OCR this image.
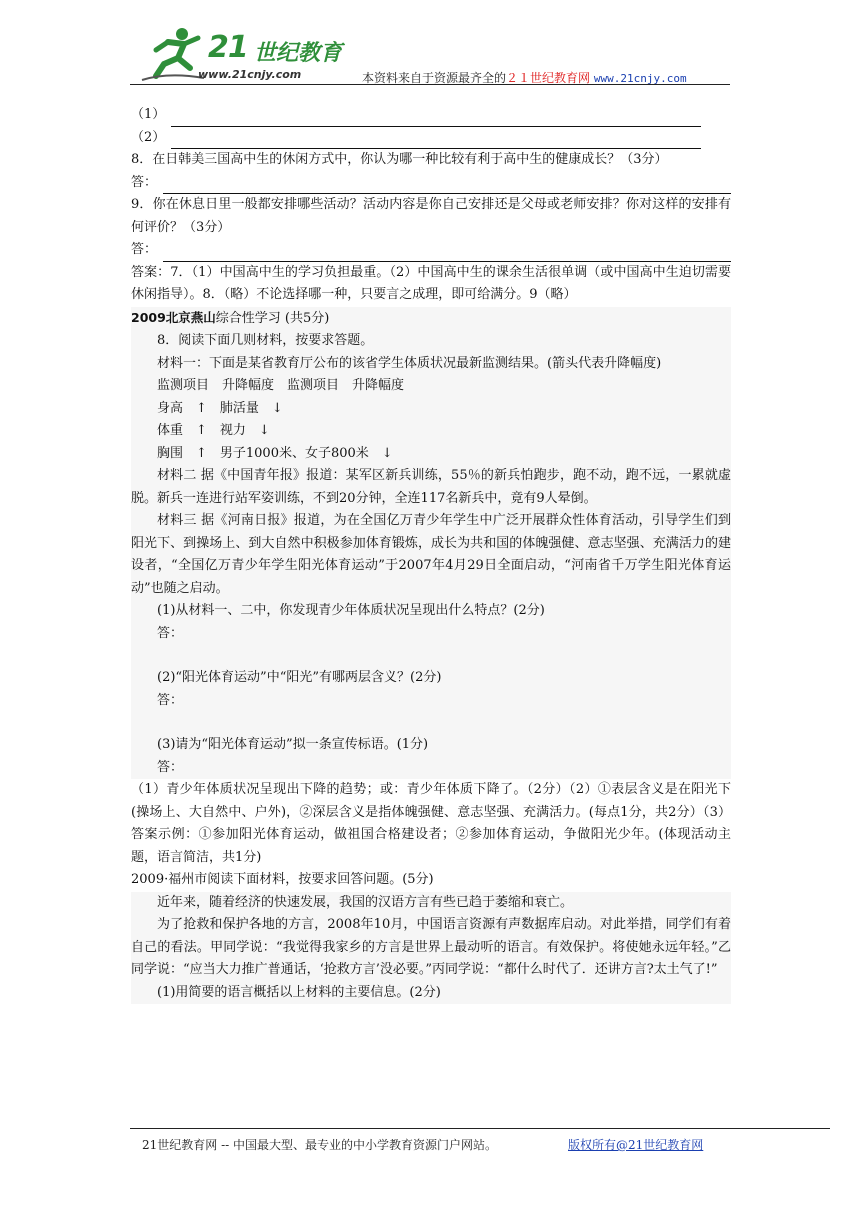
21 世纪教育
www.21cnjy.com	本资料来自于资源最齐全的２１世纪教育网 www.21cnjy.com
（1）
（2）

8．在日韩美三国高中生的休闲方式中，你认为哪一种比较有利于高中生的健康成长？（3分）

答：

9．你在休息日里一般都安排哪些活动？活动内容是你自己安排还是父母或老师安排？你对这样的安排有何评价？（3分）

答：

答案：7．（1）中国高中生的学习负担最重。（2）中国高中生的课余生活很单调（或中国高中生迫切需要休闲指导）。8．（略）不论选择哪一种，只要言之成理，即可给满分。9（略）

2009北京燕山综合性学习 (共5分)

8．阅读下面几则材料，按要求答题。

材料一：下面是某省教育厅公布的该省学生体质状况最新监测结果。(箭头代表升降幅度)

监测项目　升降幅度　监测项目　升降幅度

身高　↑　肺活量　↓

体重　↑　视力　↓

胸围　↑　男子1000米、女子800米　↓

材料二 据《中国青年报》报道：某军区新兵训练，55％的新兵怕跑步，跑不动，跑不远，一累就虚脱。新兵一连进行站军姿训练，不到20分钟，全连117名新兵中，竟有9人晕倒。

材料三 据《河南日报》报道，为在全国亿万青少年学生中广泛开展群众性体育活动，引导学生们到阳光下、到操场上、到大自然中积极参加体育锻炼，成长为共和国的体魄强健、意志坚强、充满活力的建设者，“全国亿万青少年学生阳光体育运动”于2007年4月29日全面启动，“河南省千万学生阳光体育运动”也随之启动。

(1)从材料一、二中，你发现青少年体质状况呈现出什么特点？(2分)

答：

(2)“阳光体育运动”中“阳光”有哪两层含义？(2分)

答：

(3)请为“阳光体育运动”拟一条宣传标语。(1分)

答：

（1）青少年体质状况呈现出下降的趋势；或：青少年体质下降了。（2分）（2）①表层含义是在阳光下(操场上、大自然中、户外)，②深层含义是指体魄强健、意志坚强、充满活力。(每点1分，共2分）（3）答案示例：①参加阳光体育运动，做祖国合格建设者；②参加体育运动，争做阳光少年。(体现活动主题，语言简洁，共1分)

2009·福州市阅读下面材料，按要求回答问题。(5分)

近年来，随着经济的快速发展，我国的汉语方言有些已趋于萎缩和衰亡。

为了抢救和保护各地的方言，2008年10月，中国语言资源有声数据库启动。对此举措，同学们有着自己的看法。甲同学说：“我觉得我家乡的方言是世界上最动听的语言。有效保护。将使她永远年轻。”乙同学说：“应当大力推广普通话，‘抢救方言’没必要。”丙同学说：“都什么时代了．还讲方言?太土气了!”

(1)用简要的语言概括以上材料的主要信息。(2分)

21世纪教育网 -- 中国最大型、最专业的中小学教育资源门户网站。	版权所有@21世纪教育网
